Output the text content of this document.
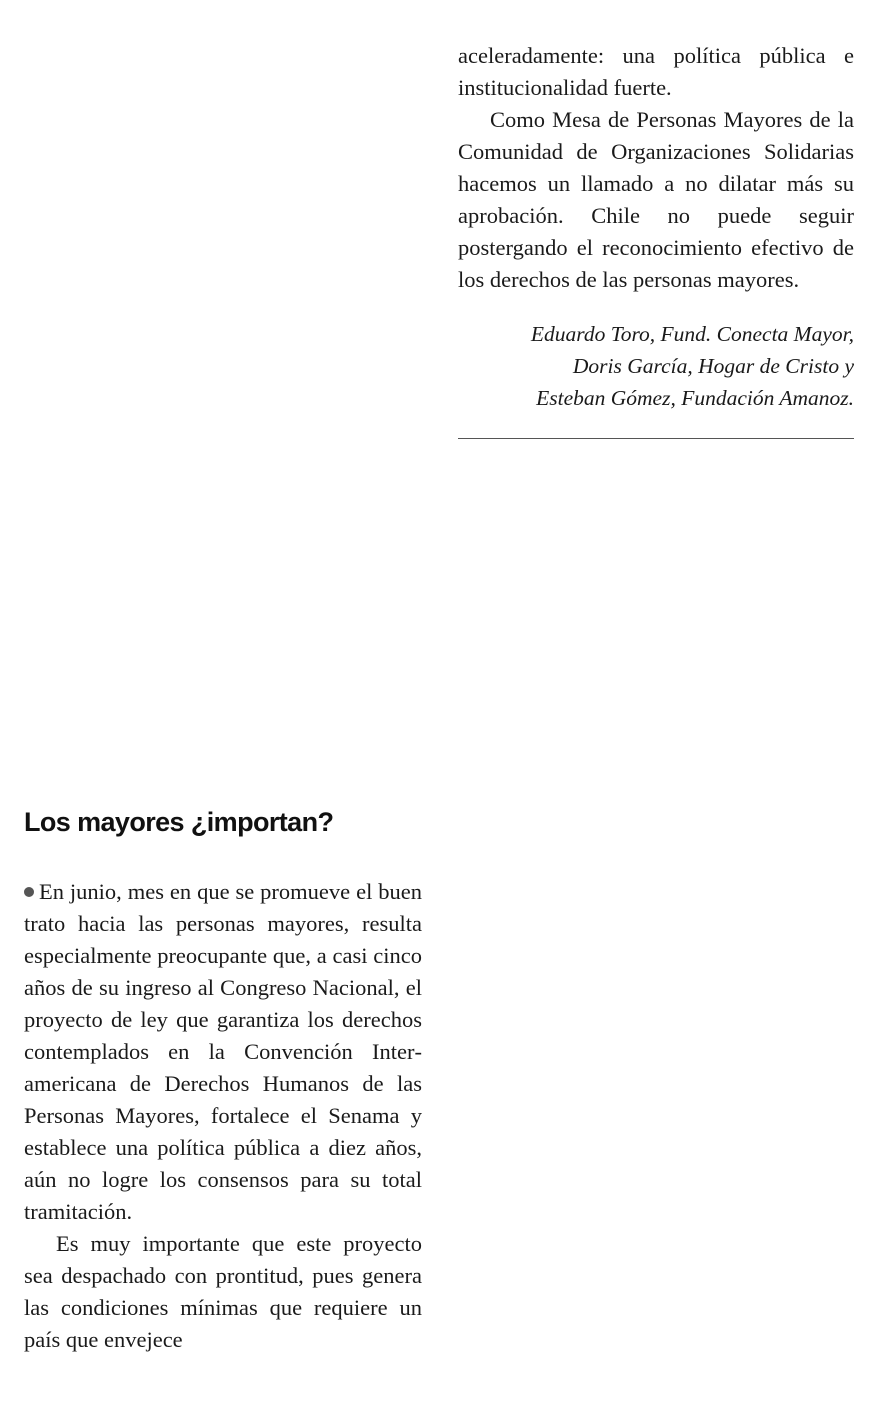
aceleradamente: una política pública e institucionalidad fuerte.

Como Mesa de Personas Mayores de la Comunidad de Organizaciones Solidarias hacemos un llamado a no dilatar más su aprobación. Chile no puede seguir postergando el reconocimiento efectivo de los derechos de las personas mayores.

Eduardo Toro, Fund. Conecta Mayor,
Doris García, Hogar de Cristo y
Esteban Gómez, Fundación Amanoz.
Los mayores ¿importan?

En junio, mes en que se promueve el buen trato hacia las personas mayores, resulta especialmente preocupante que, a casi cinco años de su ingreso al Congreso Nacional, el proyecto de ley que garantiza los derechos contemplados en la Convención Interamericana de Derechos Humanos de las Personas Mayores, fortalece el Senama y establece una política pública a diez años, aún no logre los consensos para su total tramitación.

Es muy importante que este proyecto sea despachado con prontitud, pues genera las condiciones mínimas que requiere un país que envejece
